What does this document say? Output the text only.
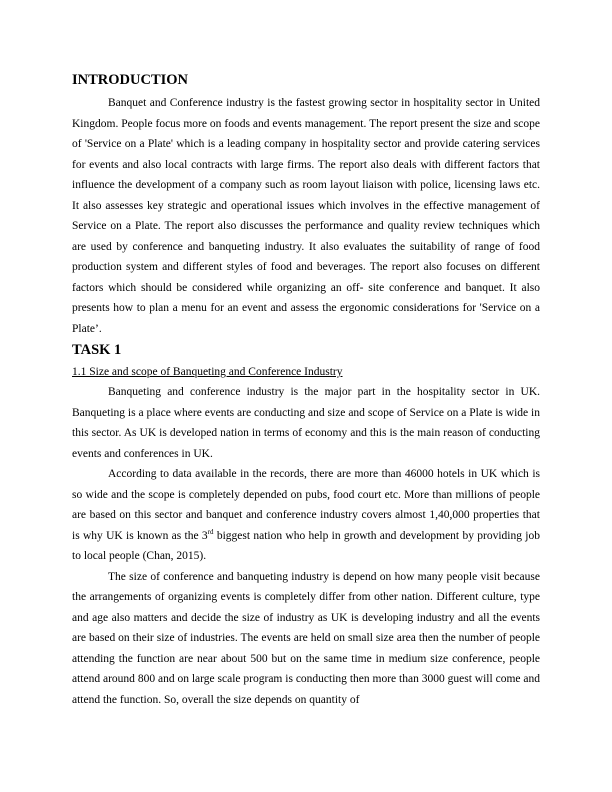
INTRODUCTION

Banquet and Conference industry is the fastest growing sector in hospitality sector in United Kingdom. People focus more on foods and events management. The report present the size and scope of 'Service on a Plate' which is a leading company in hospitality sector and provide catering services for events and also local contracts with large firms. The report also deals with different factors that influence the development of a company such as room layout liaison with police, licensing laws etc. It also assesses key strategic and operational issues which involves in the effective management of Service on a Plate. The report also discusses the performance and quality review techniques which are used by conference and banqueting industry. It also evaluates the suitability of range of food production system and different styles of food and beverages. The report also focuses on different factors which should be considered while organizing an off- site conference and banquet. It also presents how to plan a menu for an event and assess the ergonomic considerations for 'Service on a Plate’.

TASK 1
1.1 Size and scope of Banqueting and Conference Industry

Banqueting and conference industry is the major part in the hospitality sector in UK. Banqueting is a place where events are conducting and size and scope of Service on a Plate is wide in this sector. As UK is developed nation in terms of economy and this is the main reason of conducting events and conferences in UK.

According to data available in the records, there are more than 46000 hotels in UK which is so wide and the scope is completely depended on pubs, food court etc. More than millions of people are based on this sector and banquet and conference industry covers almost 1,40,000 properties that is why UK is known as the 3rd biggest nation who help in growth and development by providing job to local people (Chan, 2015).

The size of conference and banqueting industry is depend on how many people visit because the arrangements of organizing events is completely differ from other nation. Different culture, type and age also matters and decide the size of industry as UK is developing industry and all the events are based on their size of industries. The events are held on small size area then the number of people attending the function are near about 500 but on the same time in medium size conference, people attend around 800 and on large scale program is conducting then more than 3000 guest will come and attend the function. So, overall the size depends on quantity of
